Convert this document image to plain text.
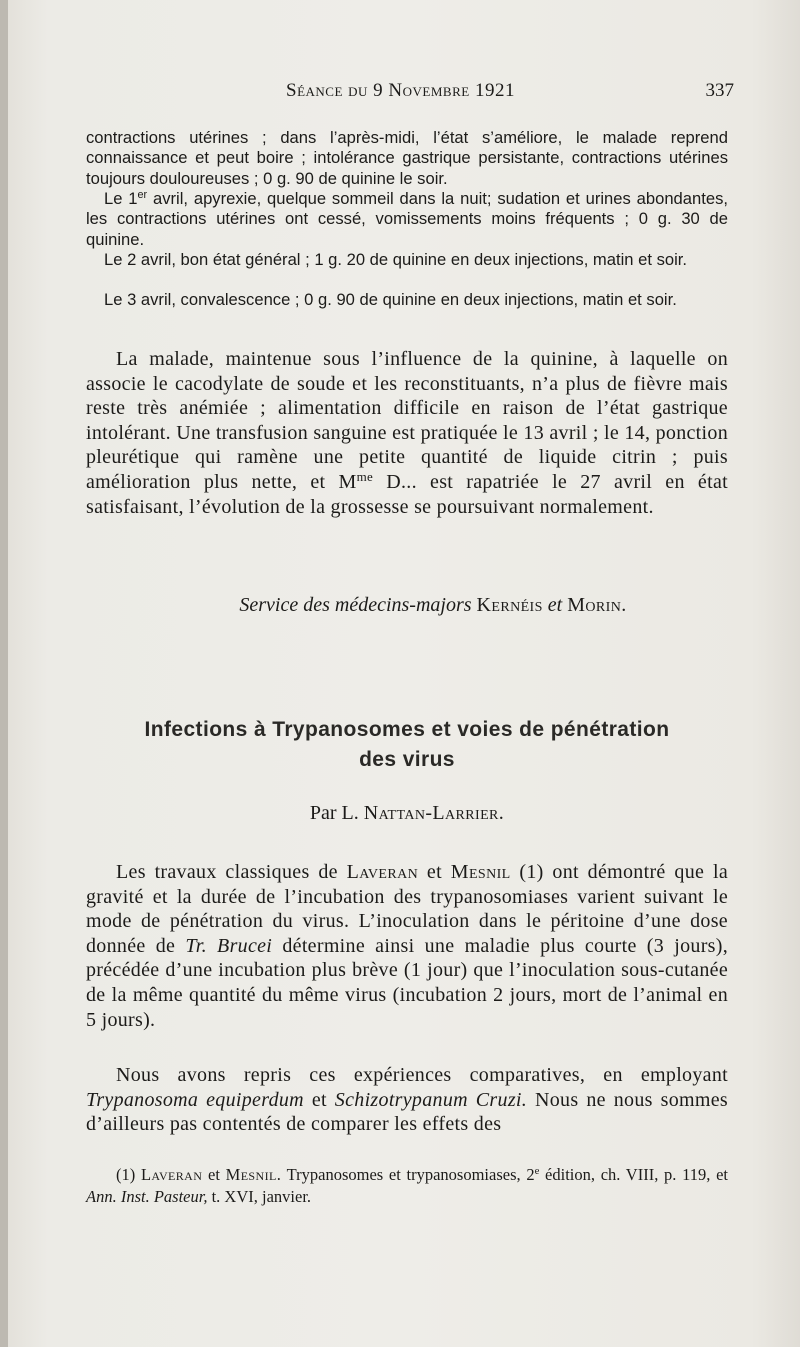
Séance du 9 Novembre 1921	337

contractions utérines ; dans l’après-midi, l’état s’améliore, le malade reprend connaissance et peut boire ; intolérance gastrique persistante, contractions utérines toujours douloureuses ; 0 g. 90 de quinine le soir.

Le 1er avril, apyrexie, quelque sommeil dans la nuit; sudation et urines abondantes, les contractions utérines ont cessé, vomissements moins fréquents ; 0 g. 30 de quinine.

Le 2 avril, bon état général ; 1 g. 20 de quinine en deux injections, matin et soir.

Le 3 avril, convalescence ; 0 g. 90 de quinine en deux injections, matin et soir.

La malade, maintenue sous l’influence de la quinine, à laquelle on associe le cacodylate de soude et les reconstituants, n’a plus de fièvre mais reste très anémiée ; alimentation difficile en raison de l’état gastrique intolérant. Une transfusion sanguine est pratiquée le 13 avril ; le 14, ponction pleurétique qui ramène une petite quantité de liquide citrin ; puis amélioration plus nette, et $M^{me}$ D... est rapatriée le 27 avril en état satisfaisant, l’évolution de la grossesse se poursuivant normalement.

Service des médecins-majors Kernéis et Morin.
Infections à Trypanosomes et voies de pénétration
des virus
Par L. Nattan-Larrier.

Les travaux classiques de Laveran et Mesnil (1) ont démontré que la gravité et la durée de l’incubation des trypanosomiases varient suivant le mode de pénétration du virus. L’inoculation dans le péritoine d’une dose donnée de Tr. Brucei détermine ainsi une maladie plus courte (3 jours), précédée d’une incubation plus brève (1 jour) que l’inoculation sous-cutanée de la même quantité du même virus (incubation 2 jours, mort de l’animal en 5 jours).

Nous avons repris ces expériences comparatives, en employant Trypanosoma equiperdum et Schizotrypanum Cruzi. Nous ne nous sommes d’ailleurs pas contentés de comparer les effets des

(1) Laveran et Mesnil. Trypanosomes et trypanosomiases, 2e édition, ch. VIII, p. 119, et Ann. Inst. Pasteur, t. XVI, janvier.
